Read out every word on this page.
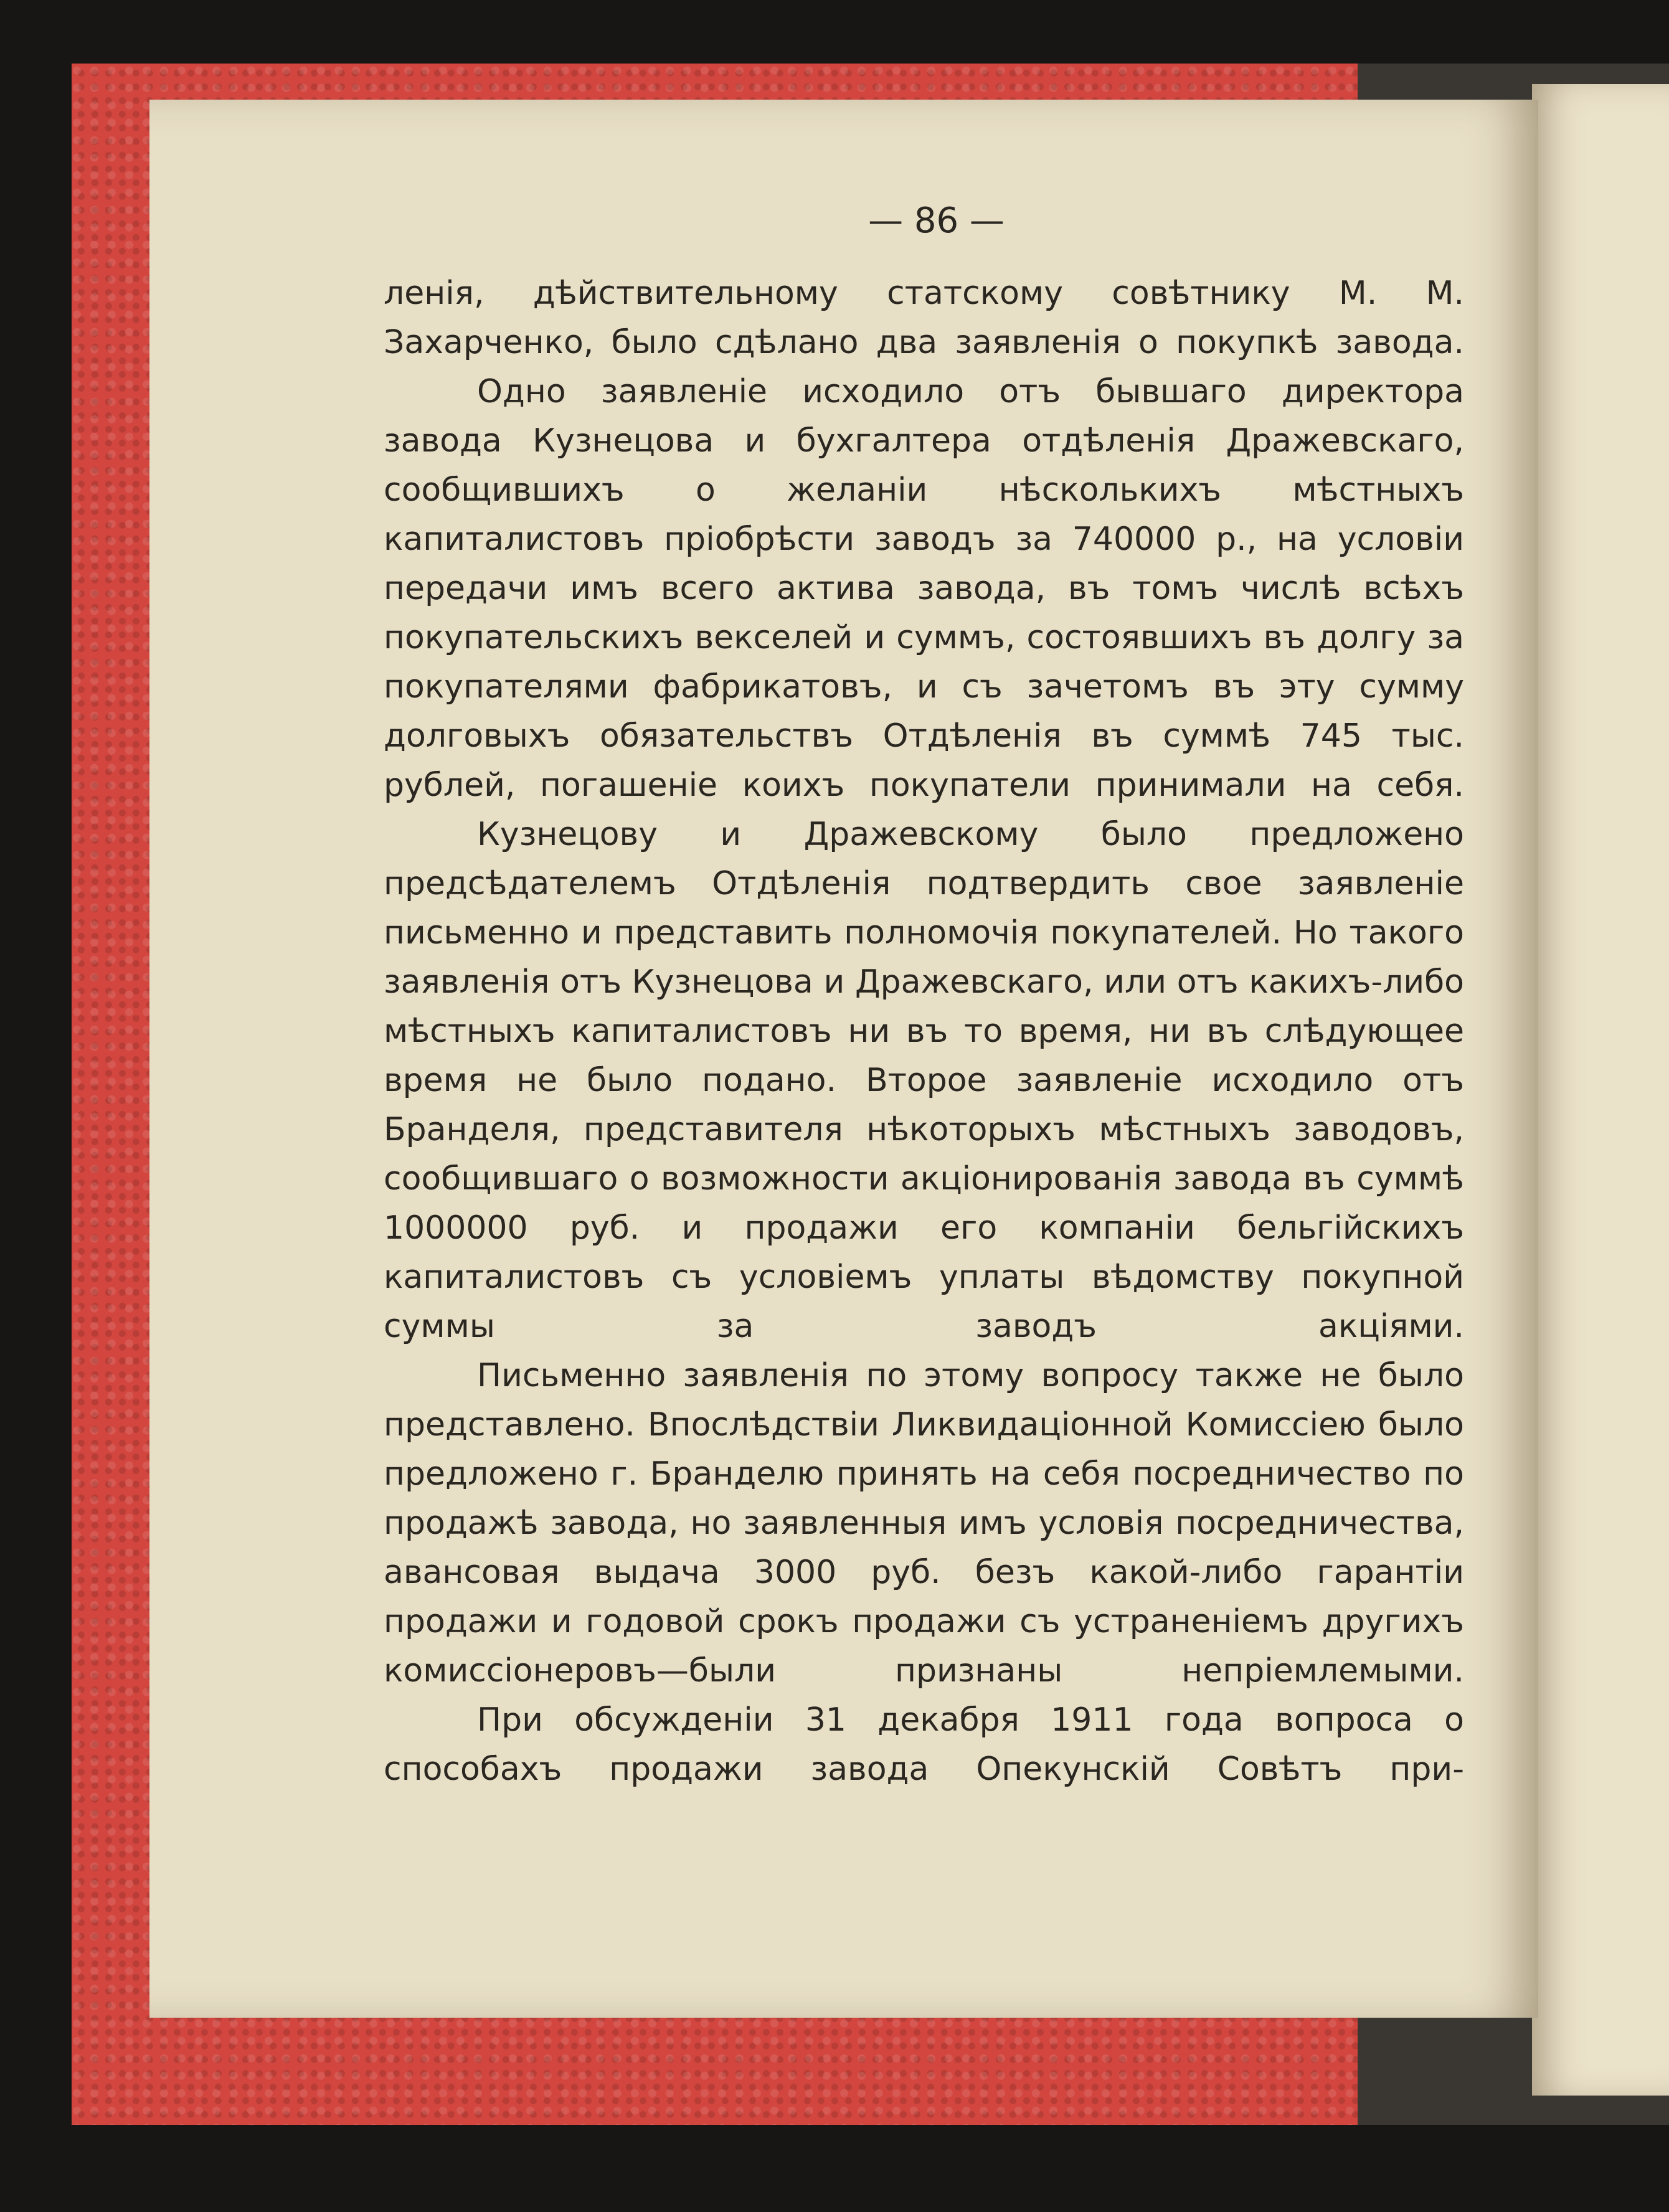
— 86 —

ленія, дѣйствительному статскому совѣтнику М. М. Захарченко, было сдѣлано два заявленія о покупкѣ завода.

Одно заявленіе исходило отъ бывшаго директора завода Кузнецова и бухгалтера отдѣленія Дражевскаго, сообщившихъ о желаніи нѣсколькихъ мѣстныхъ капиталистовъ пріобрѣсти заводъ за 740000 р., на условіи передачи имъ всего актива завода, въ томъ числѣ всѣхъ покупательскихъ векселей и суммъ, состоявшихъ въ долгу за покупателями фабрикатовъ, и съ зачетомъ въ эту сумму долговыхъ обязательствъ Отдѣленія въ суммѣ 745 тыс. рублей, погашеніе коихъ покупатели принимали на себя.

Кузнецову и Дражевскому было предложено предсѣдателемъ Отдѣленія подтвердить свое заявленіе письменно и представить полномочія покупателей. Но такого заявленія отъ Кузнецова и Дражевскаго, или отъ какихъ-либо мѣстныхъ капиталистовъ ни въ то время, ни въ слѣдующее время не было подано. Второе заявленіе исходило отъ Бранделя, представителя нѣкоторыхъ мѣстныхъ заводовъ, сообщившаго о возможности акціонированія завода въ суммѣ 1000000 руб. и продажи его компаніи бельгійскихъ капиталистовъ съ условіемъ уплаты вѣдомству покупной суммы за заводъ акціями.

Письменно заявленія по этому вопросу также не было представлено. Впослѣдствіи Ликвидаціонной Комиссіею было предложено г. Бранделю принять на себя посредничество по продажѣ завода, но заявленныя имъ условія посредничества, авансовая выдача 3000 руб. безъ какой-либо гарантіи продажи и годовой срокъ продажи съ устраненіемъ другихъ комиссіонеровъ—были признаны непріемлемыми.

При обсужденіи 31 декабря 1911 года вопроса о способахъ продажи завода Опекунскій Совѣтъ при-
